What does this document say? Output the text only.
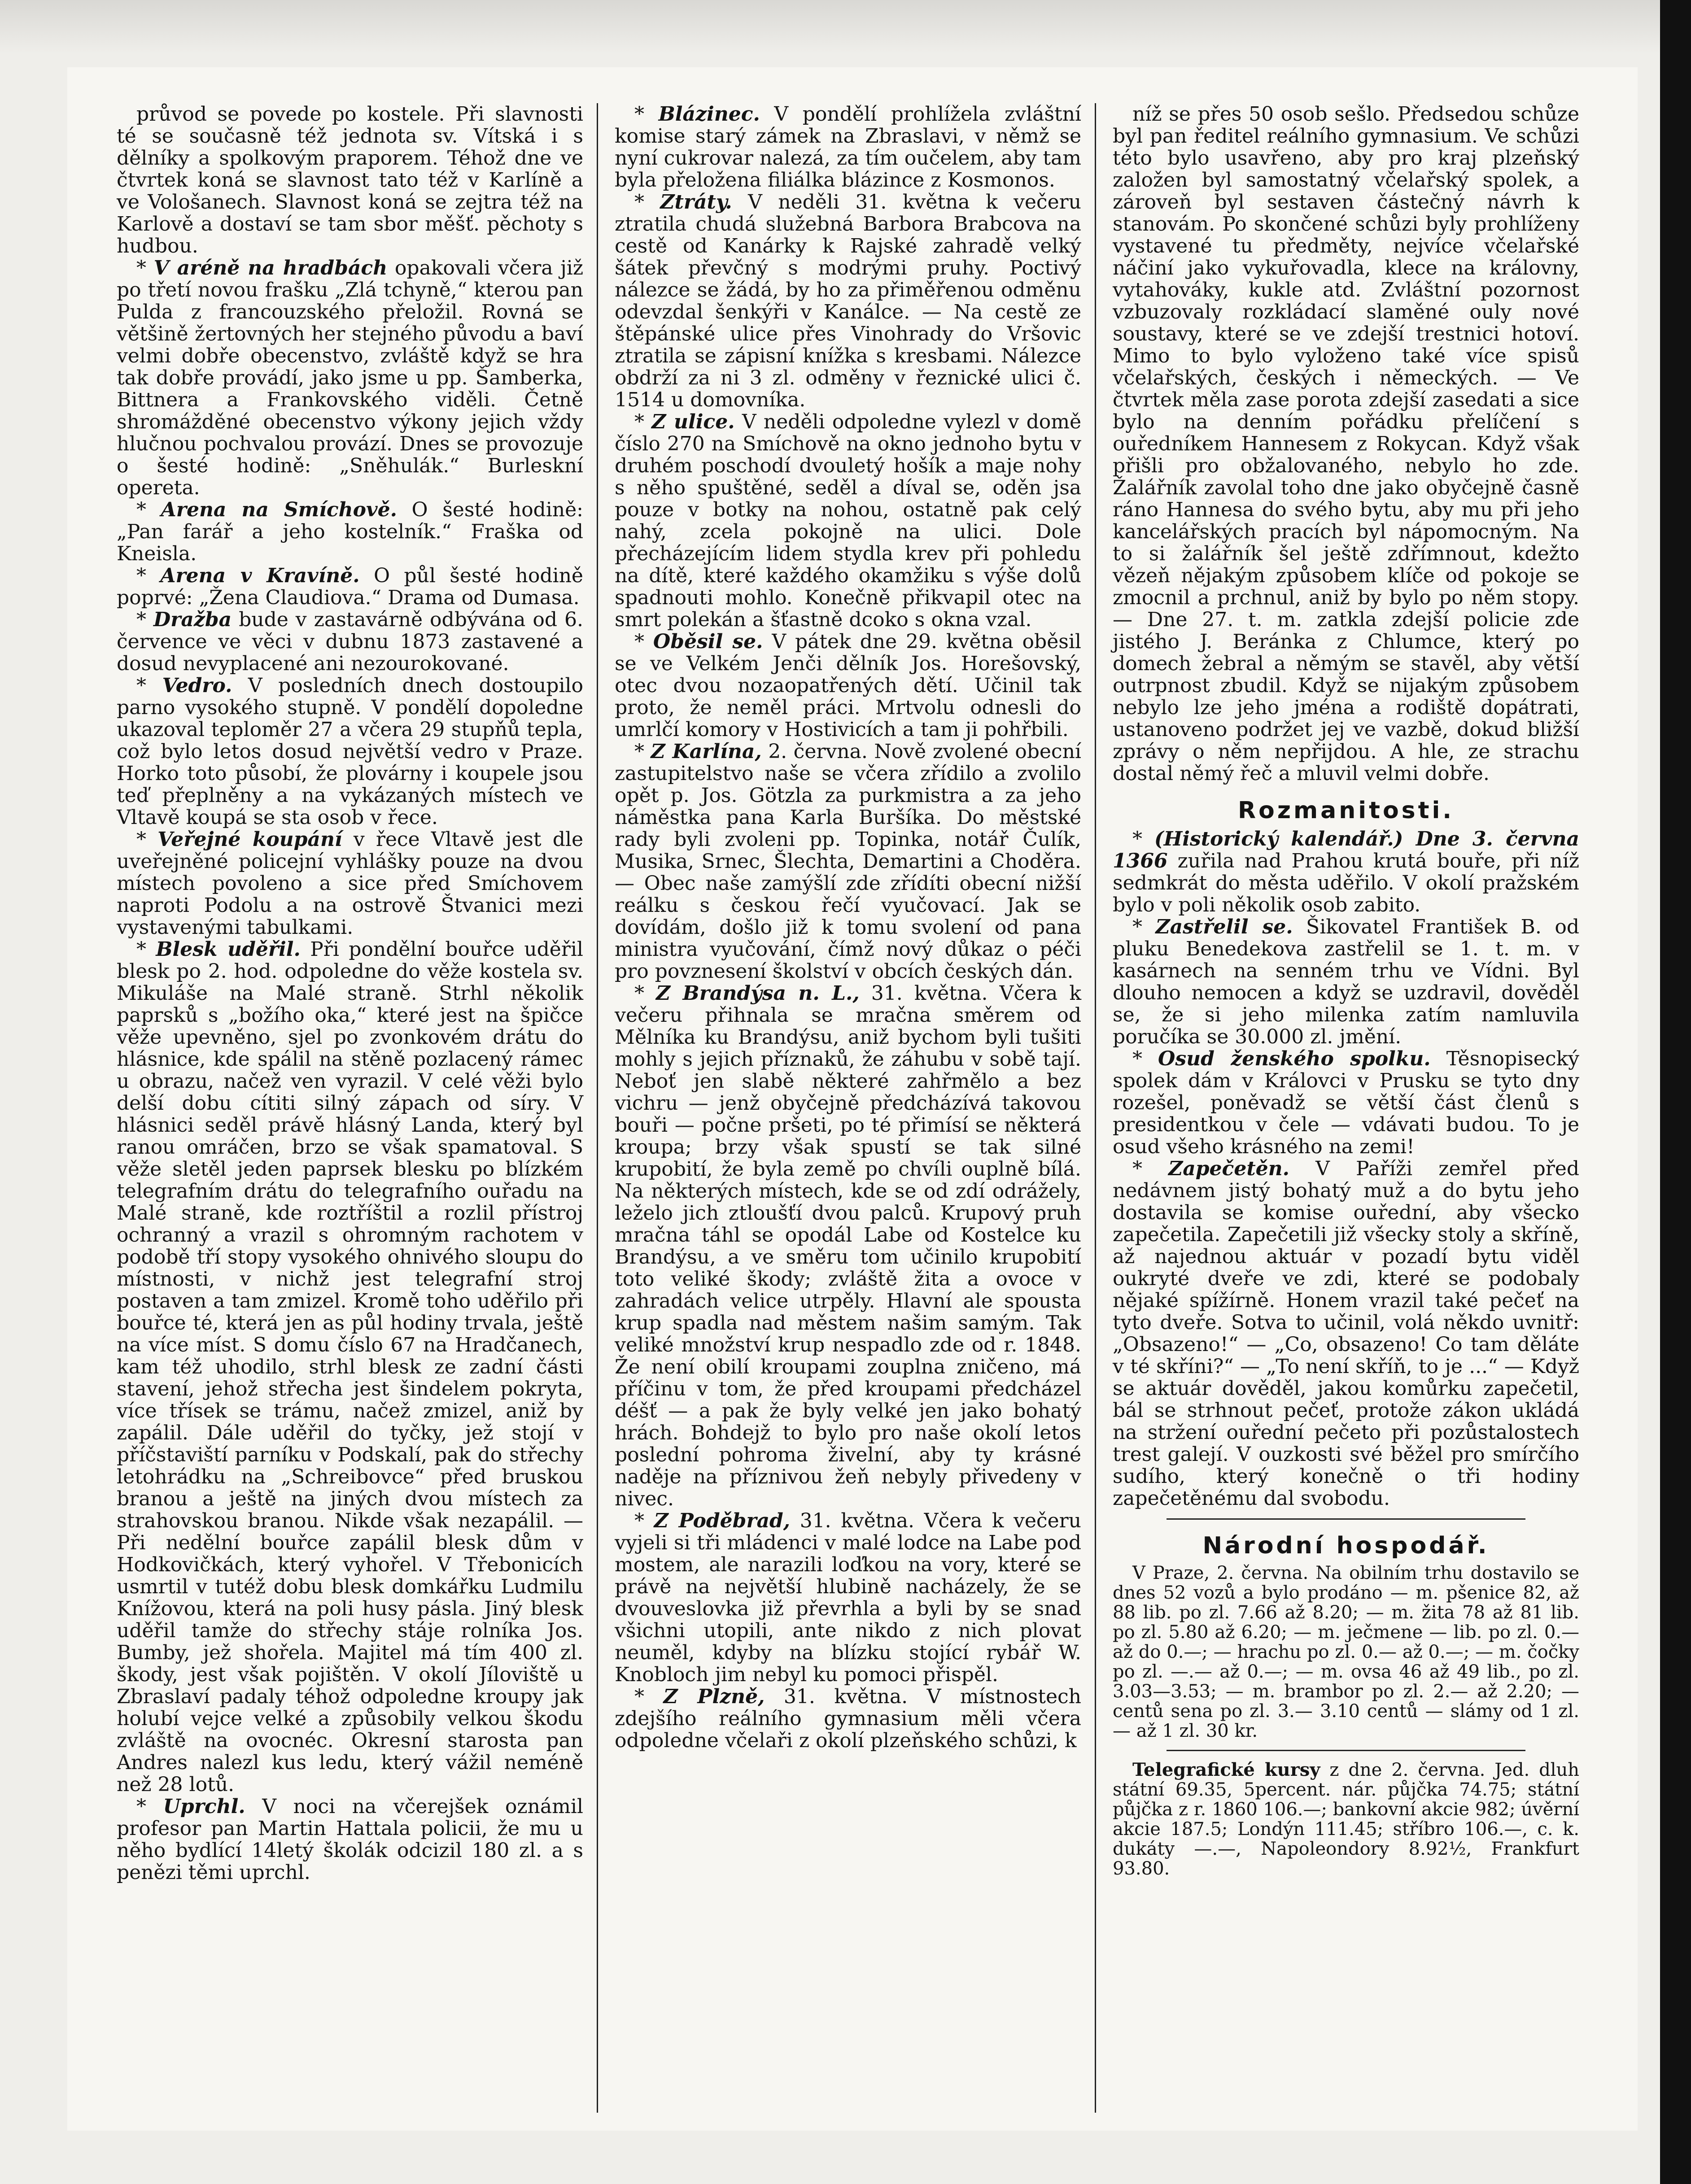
průvod se povede po kostele. Při slavnosti té se současně též jednota sv. Vítská i s dělníky a spolkovým praporem. Téhož dne ve čtvrtek koná se slavnost tato též v Karlíně a ve Vološanech. Slavnost koná se zejtra též na Karlově a dostaví se tam sbor měšť. pěchoty s hudbou.

* V aréně na hradbách opakovali včera již po třetí novou frašku „Zlá tchyně,“ kterou pan Pulda z francouzského přeložil. Rovná se většině žertovných her stejného původu a baví velmi dobře obecenstvo, zvláště když se hra tak dobře provádí, jako jsme u pp. Šamberka, Bittnera a Frankovského viděli. Četně shromážděné obecenstvo výkony jejich vždy hlučnou pochvalou provází. Dnes se provozuje o šesté hodině: „Sněhulák.“ Burleskní opereta.

* Arena na Smíchově. O šesté hodině: „Pan farář a jeho kostelník.“ Fraška od Kneisla.

* Arena v Kravíně. O půl šesté hodině poprvé: „Žena Claudiova.“ Drama od Dumasa.

* Dražba bude v zastavárně odbývána od 6. července ve věci v dubnu 1873 zastavené a dosud nevyplacené ani nezourokované.

* Vedro. V posledních dnech dostoupilo parno vysokého stupně. V pondělí dopoledne ukazoval teploměr 27 a včera 29 stupňů tepla, což bylo letos dosud největší vedro v Praze. Horko toto působí, že plovárny i koupele jsou teď přeplněny a na vykázaných místech ve Vltavě koupá se sta osob v řece.

* Veřejné koupání v řece Vltavě jest dle uveřejněné policejní vyhlášky pouze na dvou místech povoleno a sice před Smíchovem naproti Podolu a na ostrově Štvanici mezi vystavenými tabulkami.

* Blesk uděřil. Při pondělní bouřce uděřil blesk po 2. hod. odpoledne do věže kostela sv. Mikuláše na Malé straně. Strhl několik paprsků s „božího oka,“ které jest na špičce věže upevněno, sjel po zvonkovém drátu do hlásnice, kde spálil na stěně pozlacený rámec u obrazu, načež ven vyrazil. V celé věži bylo delší dobu cítiti silný zápach od síry. V hlásnici seděl právě hlásný Landa, který byl ranou omráčen, brzo se však spamatoval. S věže sletěl jeden paprsek blesku po blízkém telegrafním drátu do telegrafního ouřadu na Malé straně, kde roztříštil a rozlil přístroj ochranný a vrazil s ohromným rachotem v podobě tří stopy vysokého ohnivého sloupu do místnosti, v nichž jest telegrafní stroj postaven a tam zmizel. Kromě toho uděřilo při bouřce té, která jen as půl hodiny trvala, ještě na více míst. S domu číslo 67 na Hradčanech, kam též uhodilo, strhl blesk ze zadní části stavení, jehož střecha jest šindelem pokryta, více třísek se trámu, načež zmizel, aniž by zapálil. Dále uděřil do tyčky, jež stojí v příčstaviští parníku v Podskalí, pak do střechy letohrádku na „Schreibovce“ před bruskou branou a ještě na jiných dvou místech za strahovskou branou. Nikde však nezapálil. — Při nedělní bouřce zapálil blesk dům v Hodkovičkách, který vyhořel. V Třebonicích usmrtil v tutéž dobu blesk domkářku Ludmilu Knížovou, která na poli husy pásla. Jiný blesk uděřil tamže do střechy stáje rolníka Jos. Bumby, jež shořela. Majitel má tím 400 zl. škody, jest však pojištěn. V okolí Jíloviště u Zbraslaví padaly téhož odpoledne kroupy jak holubí vejce velké a způsobily velkou škodu zvláště na ovocnéc. Okresní starosta pan Andres nalezl kus ledu, který vážil neméně než 28 lotů.

* Uprchl. V noci na včerejšek oznámil profesor pan Martin Hattala policii, že mu u něho bydlící 14letý školák odcizil 180 zl. a s penězi těmi uprchl.

* Blázinec. V pondělí prohlížela zvláštní komise starý zámek na Zbraslavi, v němž se nyní cukrovar nalezá, za tím oučelem, aby tam byla přeložena filiálka blázince z Kosmonos.

* Ztráty. V neděli 31. května k večeru ztratila chudá služebná Barbora Brabcova na cestě od Kanárky k Rajské zahradě velký šátek převčný s modrými pruhy. Poctivý nálezce se žádá, by ho za přiměřenou odměnu odevzdal šenkýři v Kanálce. — Na cestě ze štěpánské ulice přes Vinohrady do Vršovic ztratila se zápisní knížka s kresbami. Nálezce obdrží za ni 3 zl. odměny v řeznické ulici č. 1514 u domovníka.

* Z ulice. V neděli odpoledne vylezl v domě číslo 270 na Smíchově na okno jednoho bytu v druhém poschodí dvouletý hošík a maje nohy s něho spuštěné, seděl a díval se, oděn jsa pouze v botky na nohou, ostatně pak celý nahý, zcela pokojně na ulici. Dole přecházejícím lidem stydla krev při pohledu na dítě, které každého okamžiku s výše dolů spadnouti mohlo. Konečně přikvapil otec na smrt polekán a šťastně dcoko s okna vzal.

* Oběsil se. V pátek dne 29. května oběsil se ve Velkém Jenči dělník Jos. Horešovský, otec dvou nozaopatřených dětí. Učinil tak proto, že neměl práci. Mrtvolu odnesli do umrlčí komory v Hostivicích a tam ji pohřbili.

* Z Karlína, 2. června. Nově zvolené obecní zastupitelstvo naše se včera zřídilo a zvolilo opět p. Jos. Götzla za purkmistra a za jeho náměstka pana Karla Buršíka. Do městské rady byli zvoleni pp. Topinka, notář Čulík, Musika, Srnec, Šlechta, Demartini a Choděra. — Obec naše zamýšlí zde zřídíti obecní nižší reálku s českou řečí vyučovací. Jak se dovídám, došlo již k tomu svolení od pana ministra vyučování, čímž nový důkaz o péči pro povznesení školství v obcích českých dán.

* Z Brandýsa n. L., 31. května. Včera k večeru přihnala se mračna směrem od Mělníka ku Brandýsu, aniž bychom byli tušiti mohly s jejich příznaků, že záhubu v sobě tají. Neboť jen slabě některé zahřmělo a bez vichru — jenž obyčejně předcházívá takovou bouři — počne pršeti, po té přimísí se některá kroupa; brzy však spustí se tak silné krupobití, že byla země po chvíli ouplně bílá. Na některých místech, kde se od zdí odrážely, leželo jich ztloušťí dvou palců. Krupový pruh mračna táhl se opodál Labe od Kostelce ku Brandýsu, a ve směru tom učinilo krupobití toto veliké škody; zvláště žita a ovoce v zahradách velice utrpěly. Hlavní ale spousta krup spadla nad městem našim samým. Tak veliké množství krup nespadlo zde od r. 1848. Že není obilí kroupami zouplna zničeno, má příčinu v tom, že před kroupami předcházel déšť — a pak že byly velké jen jako bohatý hrách. Bohdejž to bylo pro naše okolí letos poslední pohroma živelní, aby ty krásné naděje na příznivou žeň nebyly přivedeny v nivec.

* Z Poděbrad, 31. května. Včera k večeru vyjeli si tři mládenci v malé lodce na Labe pod mostem, ale narazili loďkou na vory, které se právě na největší hlubině nacházely, že se dvouveslovka již převrhla a byli by se snad všichni utopili, ante nikdo z nich plovat neuměl, kdyby na blízku stojící rybář W. Knobloch jim nebyl ku pomoci přispěl.

* Z Plzně, 31. května. V místnostech zdejšího reálního gymnasium měli včera odpoledne včelaři z okolí plzeňského schůzi, k

níž se přes 50 osob sešlo. Předsedou schůze byl pan ředitel reálního gymnasium. Ve schůzi této bylo usavřeno, aby pro kraj plzeňský založen byl samostatný včelařský spolek, a zároveň byl sestaven částečný návrh k stanovám. Po skončené schůzi byly prohlíženy vystavené tu předměty, nejvíce včelařské náčiní jako vykuřovadla, klece na královny, vytahováky, kukle atd. Zvláštní pozornost vzbuzovaly rozkládací slaměné ouly nové soustavy, které se ve zdejší trestnici hotoví. Mimo to bylo vyloženo také více spisů včelařských, českých i německých. — Ve čtvrtek měla zase porota zdejší zasedati a sice bylo na denním pořádku přelíčení s ouředníkem Hannesem z Rokycan. Když však přišli pro obžalovaného, nebylo ho zde. Žalářník zavolal toho dne jako obyčejně časně ráno Hannesa do svého bytu, aby mu při jeho kancelářských pracích byl nápomocným. Na to si žalářník šel ještě zdřímnout, kdežto vězeň nějakým způsobem klíče od pokoje se zmocnil a prchnul, aniž by bylo po něm stopy. — Dne 27. t. m. zatkla zdejší policie zde jistého J. Beránka z Chlumce, který po domech žebral a němým se stavěl, aby větší outrpnost zbudil. Když se nijakým způsobem nebylo lze jeho jména a rodiště dopátrati, ustanoveno podržet jej ve vazbě, dokud bližší zprávy o něm nepřijdou. A hle, ze strachu dostal němý řeč a mluvil velmi dobře.

Rozmanitosti.

* (Historický kalendář.) Dne 3. června 1366 zuřila nad Prahou krutá bouře, při níž sedmkrát do města uděřilo. V okolí pražském bylo v poli několik osob zabito.

* Zastřelil se. Šikovatel František B. od pluku Benedekova zastřelil se 1. t. m. v kasárnech na senném trhu ve Vídni. Byl dlouho nemocen a když se uzdravil, dověděl se, že si jeho milenka zatím namluvila poručíka se 30.000 zl. jmění.

* Osud ženského spolku. Těsnopisecký spolek dám v Královci v Prusku se tyto dny rozešel, poněvadž se větší část členů s presidentkou v čele — vdávati budou. To je osud všeho krásného na zemi!

* Zapečetěn. V Paříži zemřel před nedávnem jistý bohatý muž a do bytu jeho dostavila se komise ouřední, aby všecko zapečetila. Zapečetili již všecky stoly a skříně, až najednou aktuár v pozadí bytu viděl oukryté dveře ve zdi, které se podobaly nějaké spížírně. Honem vrazil také pečeť na tyto dveře. Sotva to učinil, volá někdo uvnitř: „Obsazeno!“ — „Co, obsazeno! Co tam děláte v té skříni?“ — „To není skříň, to je ...“ — Když se aktuár dověděl, jakou komůrku zapečetil, bál se strhnout pečeť, protože zákon ukládá na stržení ouřední pečeto při pozůstalostech trest galejí. V ouzkosti své běžel pro smírčího sudího, který konečně o tři hodiny zapečetěnému dal svobodu.

Národní hospodář.

V Praze, 2. června. Na obilním trhu dostavilo se dnes 52 vozů a bylo prodáno — m. pšenice 82, až 88 lib. po zl. 7.66 až 8.20; — m. žita 78 až 81 lib. po zl. 5.80 až 6.20; — m. ječmene — lib. po zl. 0.— až do 0.—; — hrachu po zl. 0.— až 0.—; — m. čočky po zl. —.— až 0.—; — m. ovsa 46 až 49 lib., po zl. 3.03—3.53; — m. brambor po zl. 2.— až 2.20; — centů sena po zl. 3.— 3.10 centů — slámy od 1 zl. — až 1 zl. 30 kr.

Telegrafické kursy z dne 2. června. Jed. dluh státní 69.35, 5percent. nár. půjčka 74.75; státní půjčka z r. 1860 106.—; bankovní akcie 982; úvěrní akcie 187.5; Londýn 111.45; stříbro 106.—, c. k. dukáty —.—, Napoleondory 8.92½, Frankfurt 93.80.
